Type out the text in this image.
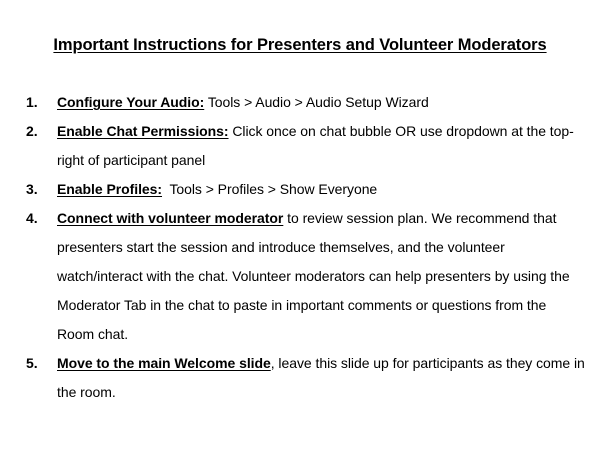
Important Instructions for Presenters and Volunteer Moderators
1. Configure Your Audio: Tools > Audio > Audio Setup Wizard
2. Enable Chat Permissions: Click once on chat bubble OR use dropdown at the top-right of participant panel
3. Enable Profiles:  Tools > Profiles > Show Everyone
4. Connect with volunteer moderator to review session plan. We recommend that presenters start the session and introduce themselves, and the volunteer watch/interact with the chat. Volunteer moderators can help presenters by using the Moderator Tab in the chat to paste in important comments or questions from the Room chat.
5. Move to the main Welcome slide, leave this slide up for participants as they come in the room.
